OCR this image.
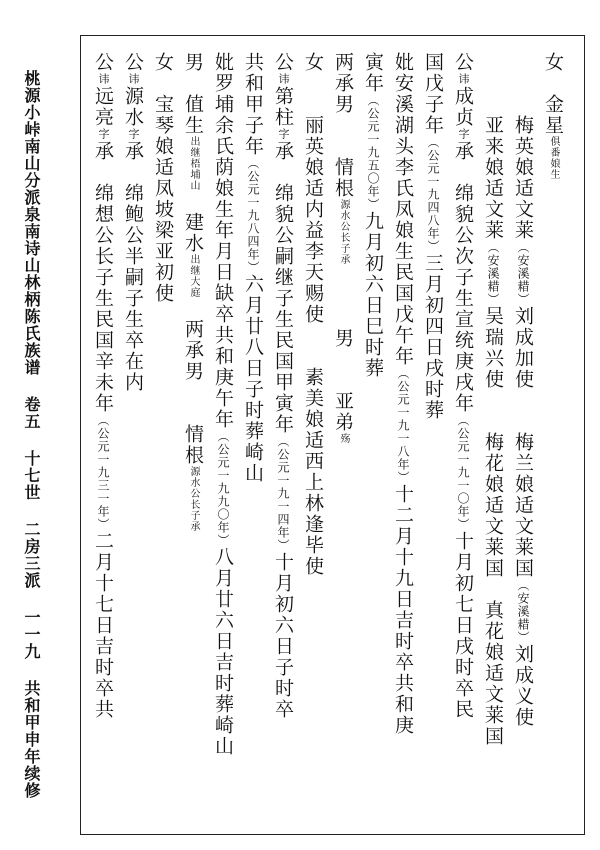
桃源小峠南山分派泉南诗山林柄陈氏族谱 卷五 十七世 二房三派 一一九 共和甲申年续修
女　金星俱番娘生
　　　梅英娘适文莱（安溪耤）刘成加使　　梅兰娘适文莱国（安溪耤）刘成义使
　　　亚来娘适文莱（安溪耤）吴瑞兴使　　梅花娘适文莱国　真花娘适文莱国
公讳成贞字承　绵貌公次子生宣统庚戌年（公元一九一〇年）十月初七日戌时卒民
国戊子年（公元一九四八年）三月初四日戌时葬
妣安溪湖头李氏凤娘生民国戊午年（公元一九一八年）十二月十九日吉时卒共和庚
寅年（公元一九五〇年）九月初六日巳时葬
两承男　　情根源水公长子承　　　男　　亚弟殇
女　　丽英娘适内益李天赐使　　素美娘适西上林逢毕使
公讳第柱字承　绵貌公嗣继子生民国甲寅年（公元一九一四年）十月初六日子时卒
共和甲子年（公元一九八四年）六月廿八日子时葬崎山
妣罗埔余氏荫娘生年月日缺卒共和庚午年（公元一九九〇年）八月廿六日吉时葬崎山
男　值生出继梧埔山　建水出继大庭　两承男　　情根源水公长子承
女　宝琴娘适凤坡梁亚初使
公讳源水字承　绵鲍公半嗣子生卒在内
公讳远亮字承　绵想公长子生民国辛未年（公元一九三一年）二月十七日吉时卒共
